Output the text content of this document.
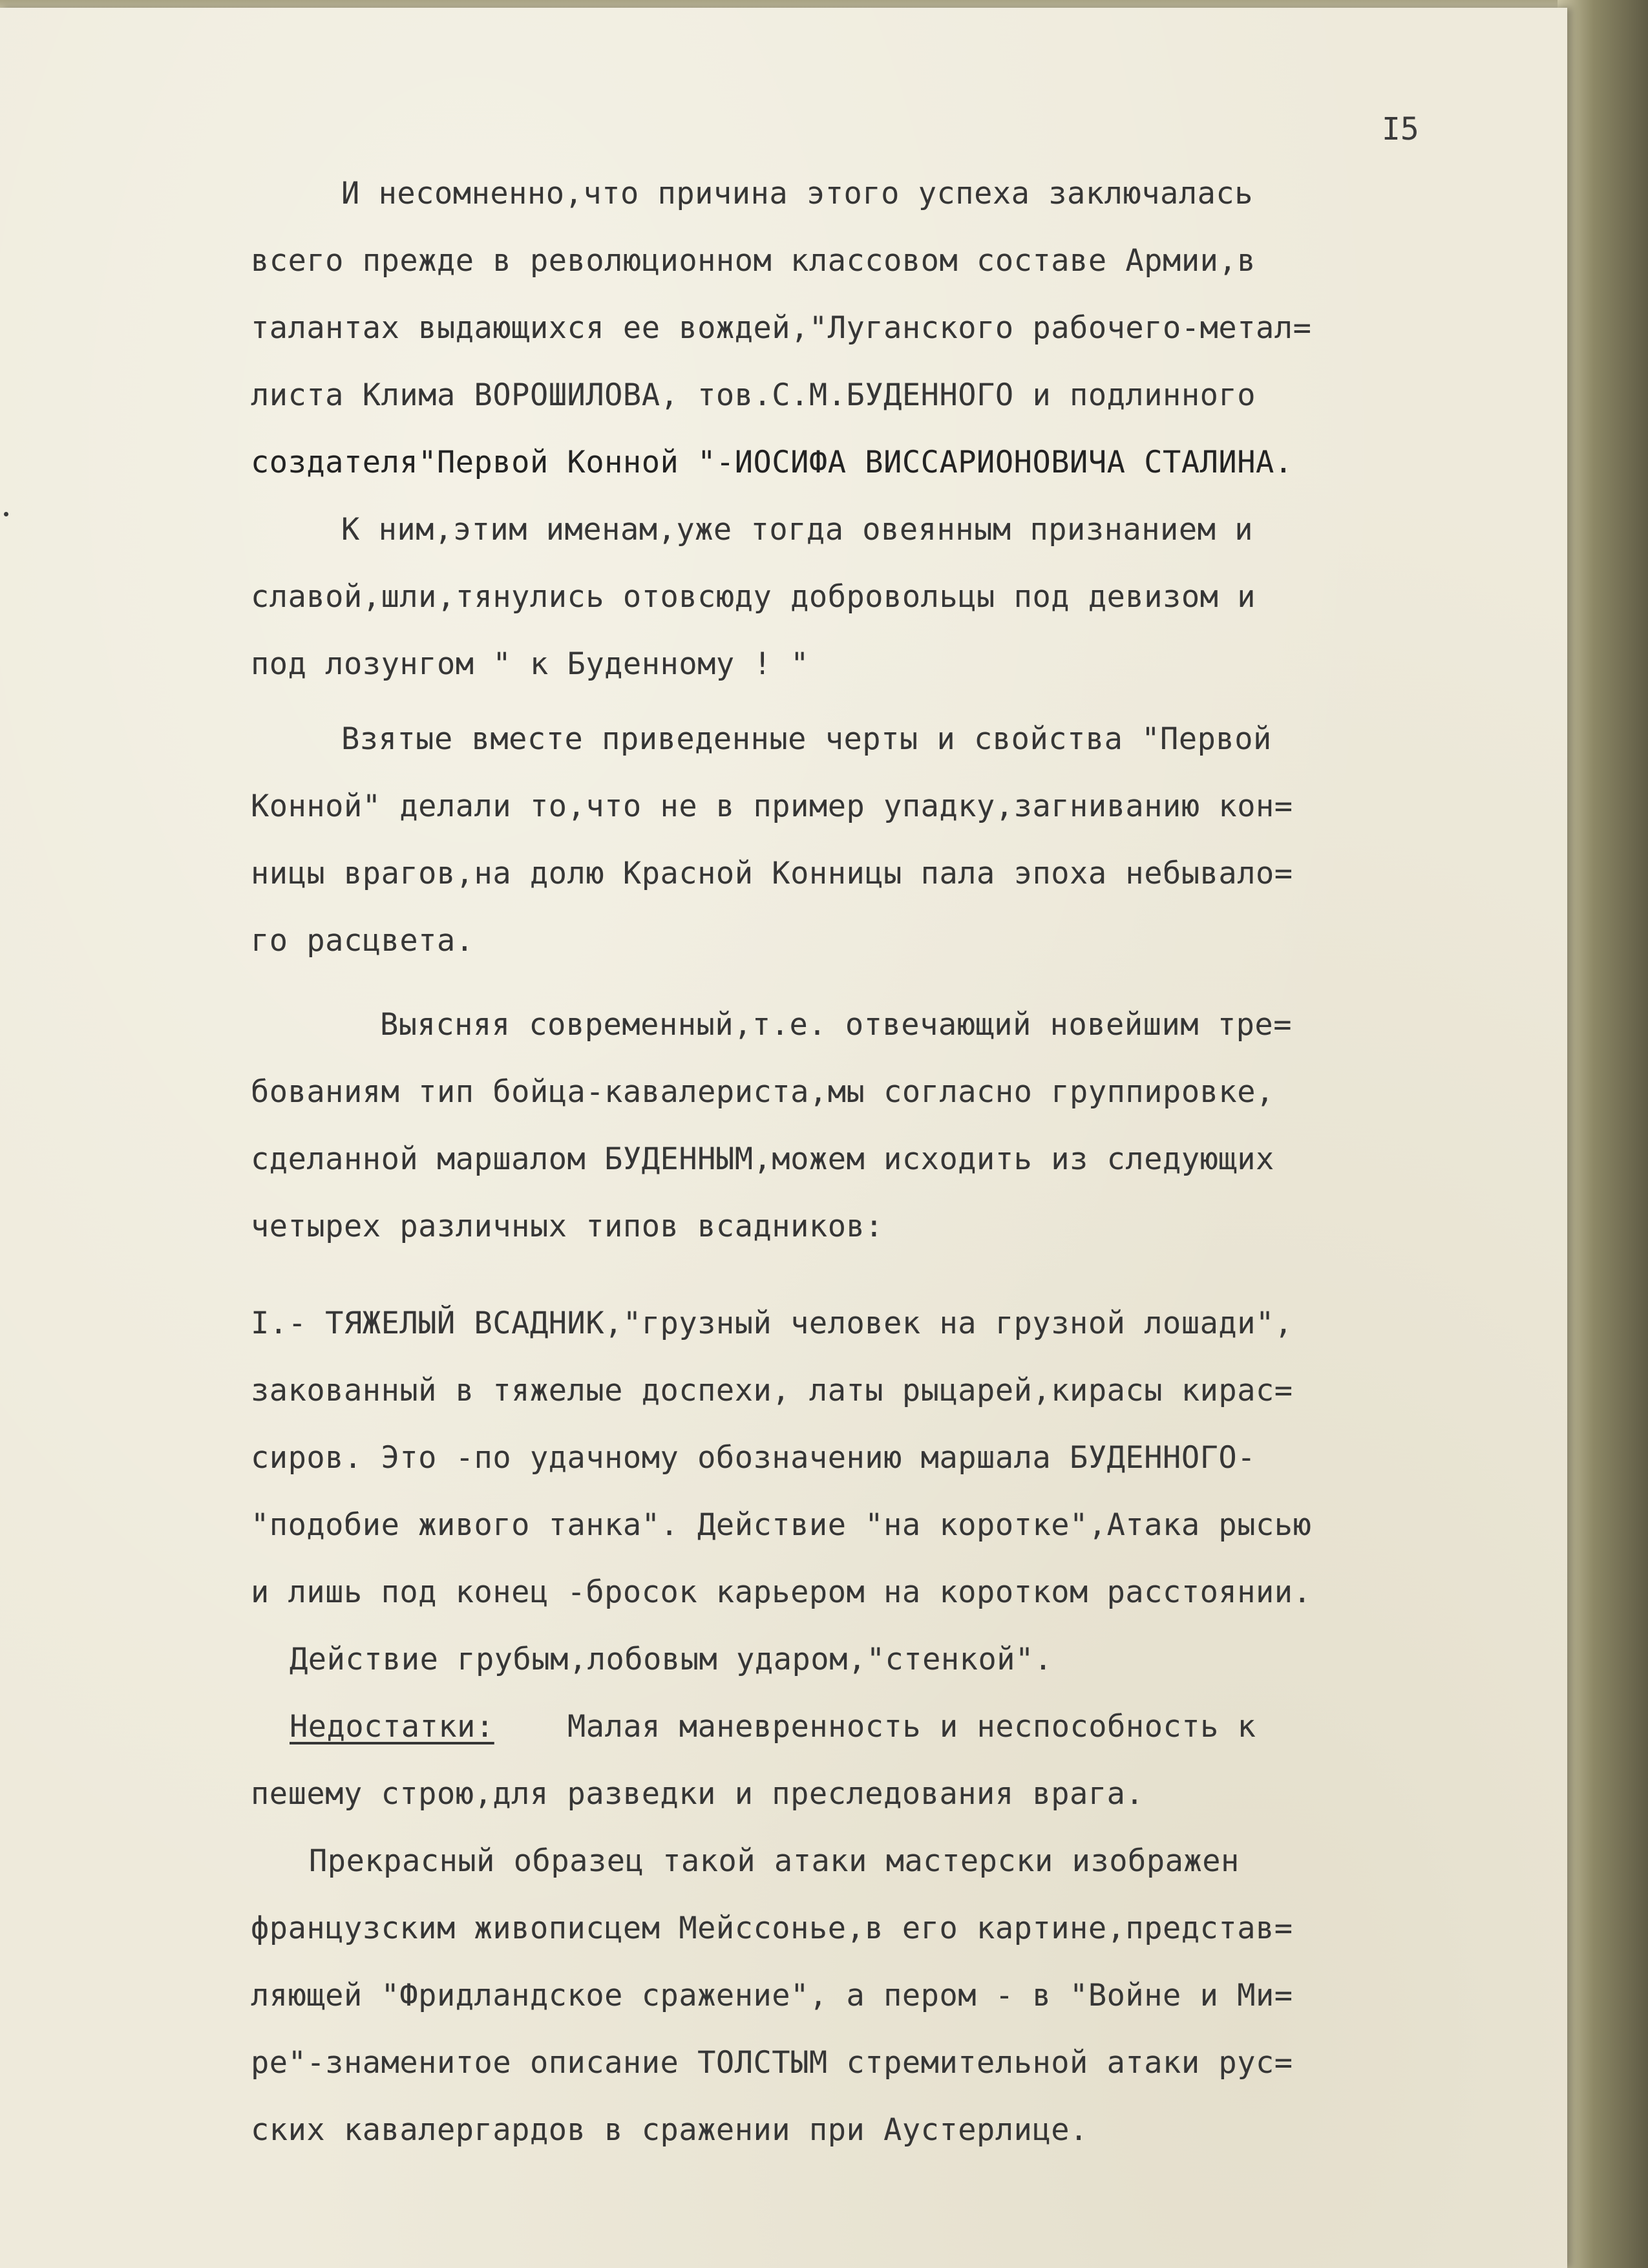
I5
И несомненно,что причина этого успеха заключалась
всего прежде в революционном классовом составе Армии,в
талантах выдающихся ее вождей,"Луганского рабочего-метал=
листа Клима ВОРОШИЛОВА, тов.С.М.БУДЕННОГО и подлинного
создателя"Первой Конной "-ИОСИФА ВИССАРИОНОВИЧА СТАЛИНА.
К ним,этим именам,уже тогда овеянным признанием и
славой,шли,тянулись отовсюду добровольцы под девизом и
под лозунгом " к Буденному ! "
Взятые вместе приведенные черты и свойства "Первой
Конной" делали то,что не в пример упадку,загниванию кон=
ницы врагов,на долю Красной Конницы пала эпоха небывало=
го расцвета.
Выясняя современный,т.е. отвечающий новейшим тре=
бованиям тип бойца-кавалериста,мы согласно группировке,
сделанной маршалом БУДЕННЫМ,можем исходить из следующих
четырех различных типов всадников:
I.- ТЯЖЕЛЫЙ ВСАДНИК,"грузный человек на грузной лошади",
закованный в тяжелые доспехи, латы рыцарей,кирасы кирас=
сиров. Это -по удачному обозначению маршала БУДЕННОГО-
"подобие живого танка". Действие "на коротке",Атака рысью
и лишь под конец -бросок карьером на коротком расстоянии.
Действие грубым,лобовым ударом,"стенкой".
Недостатки: Малая маневренность и неспособность к
пешему строю,для разведки и преследования врага.
Прекрасный образец такой атаки мастерски изображен
французским живописцем Мейссонье,в его картине,представ=
ляющей "Фридландское сражение", а пером - в "Войне и Ми=
ре"-знаменитое описание ТОЛСТЫМ стремительной атаки рус=
ских кавалергардов в сражении при Аустерлице.
